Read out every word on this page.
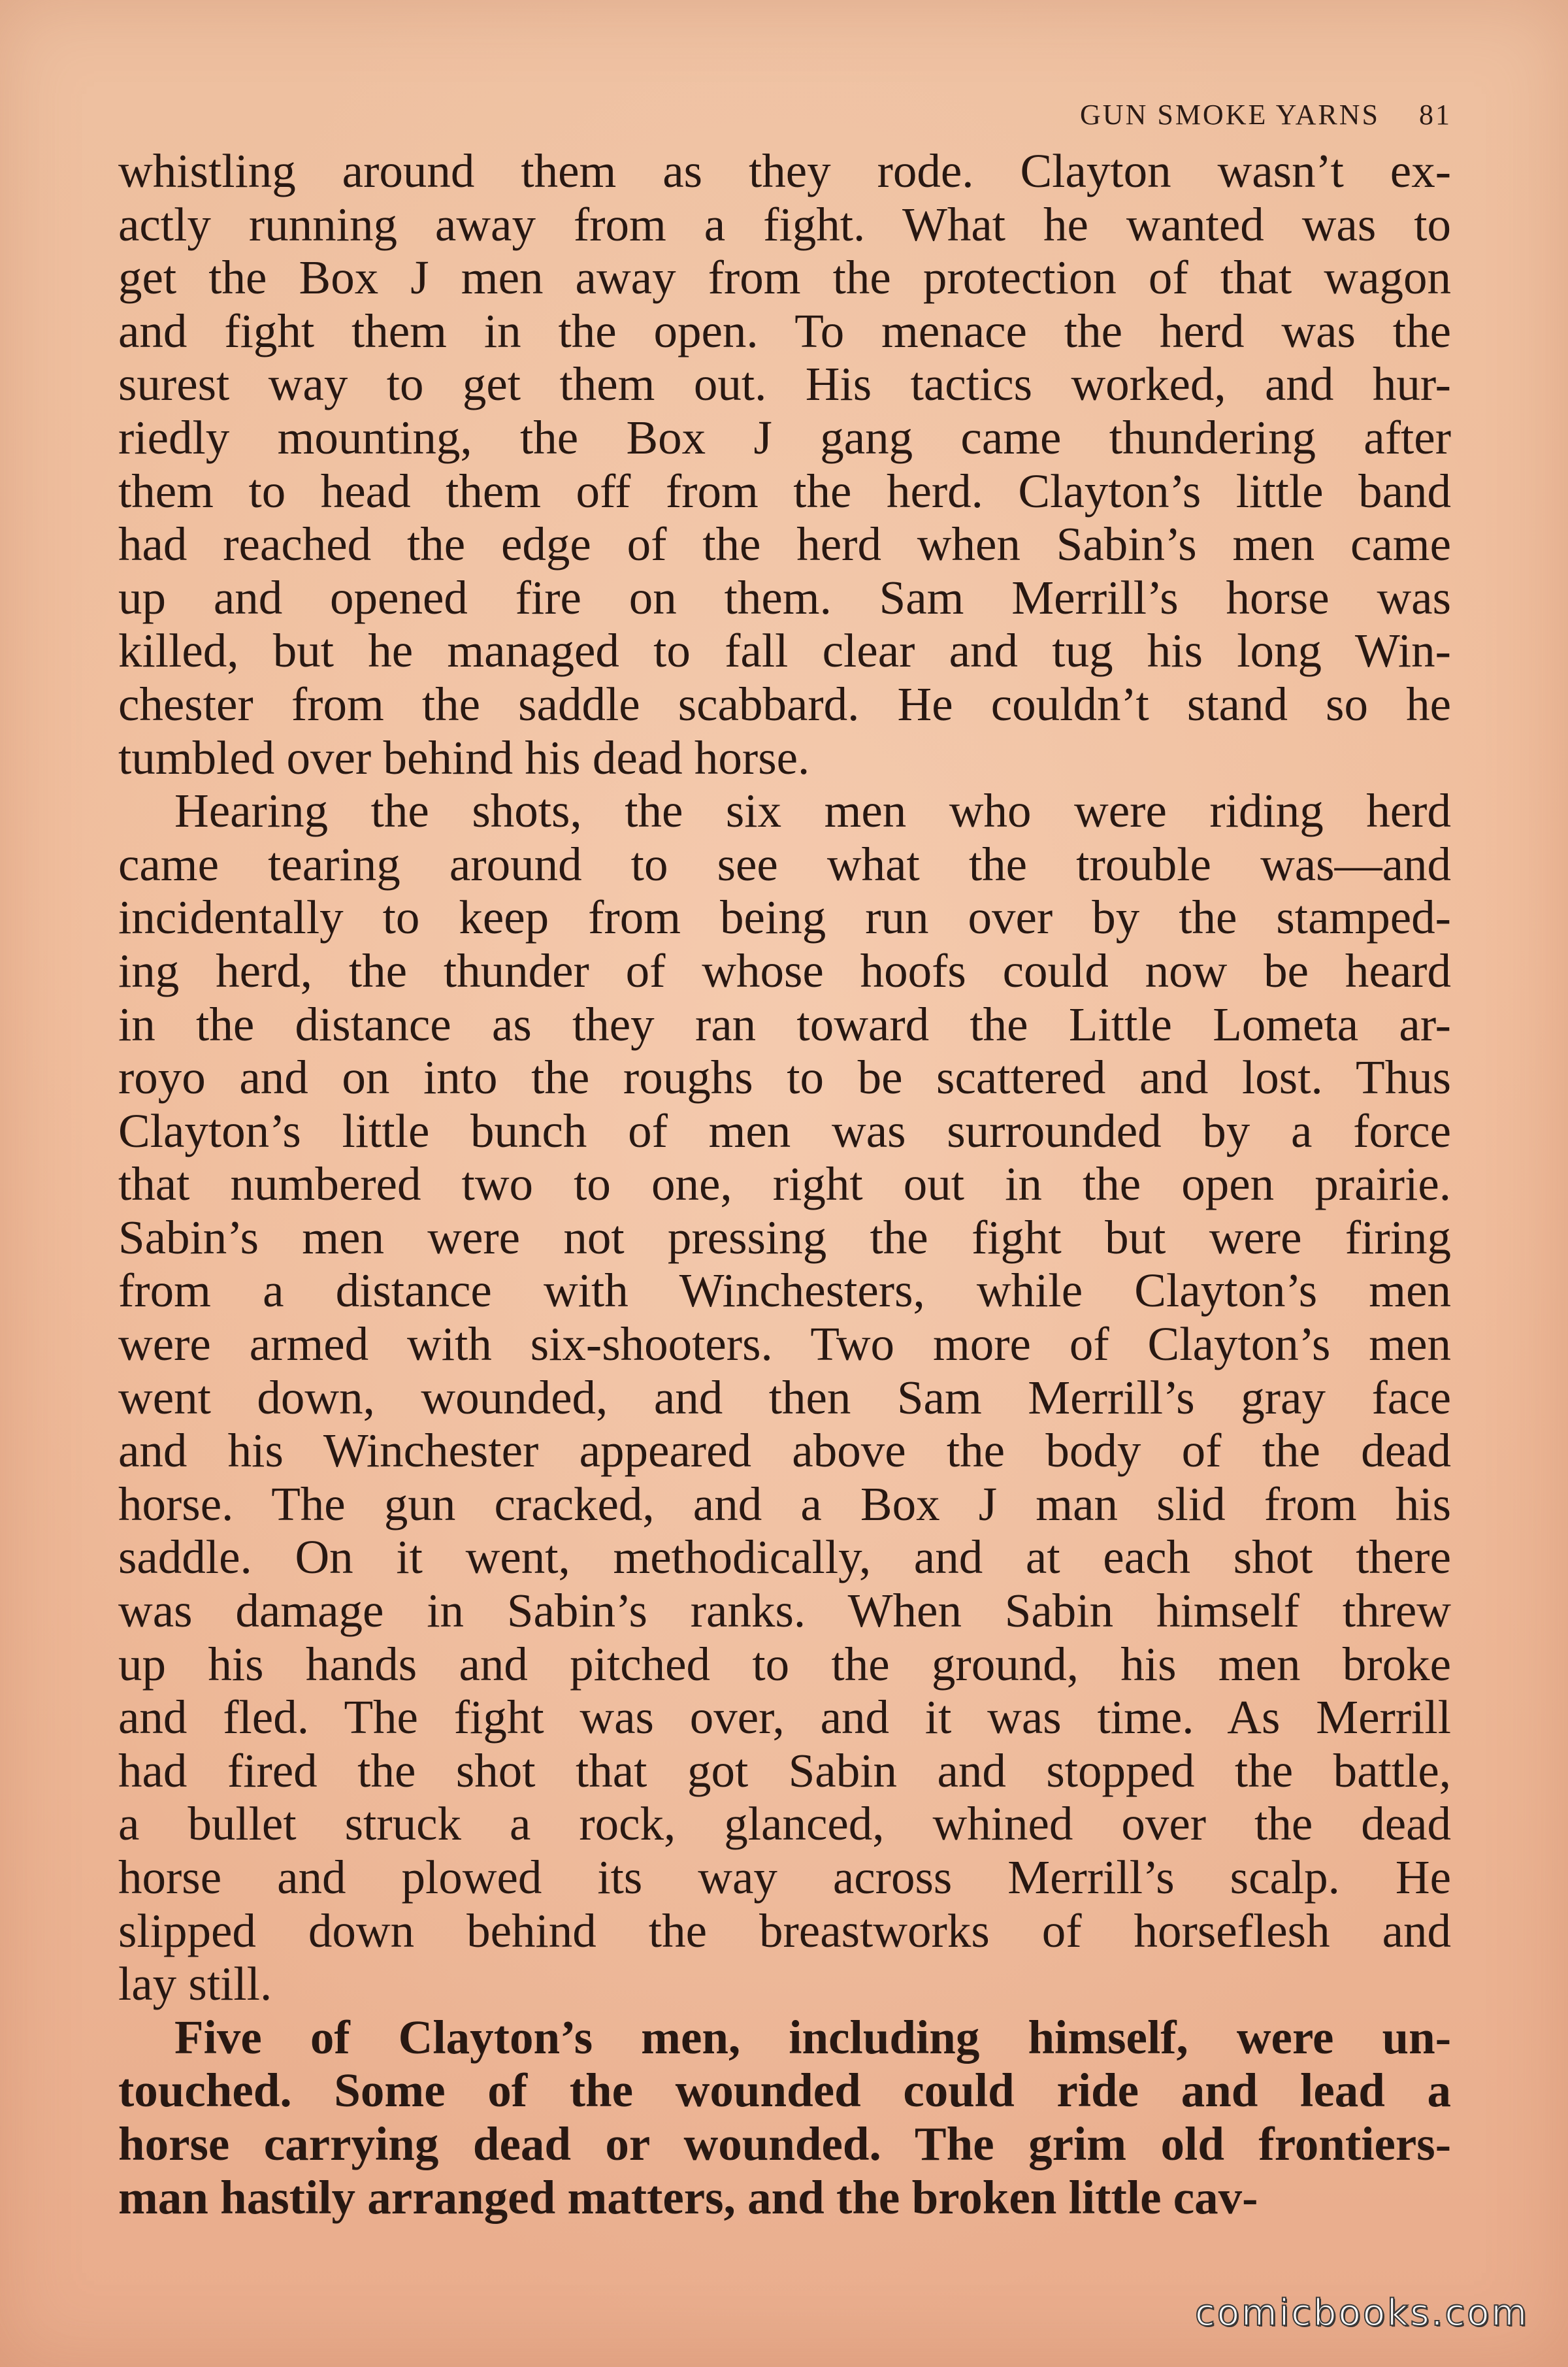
GUN SMOKE YARNS 81
whistling around them as they rode. Clayton wasn’t ex-
actly running away from a fight. What he wanted was to
get the Box J men away from the protection of that wagon
and fight them in the open. To menace the herd was the
surest way to get them out. His tactics worked, and hur-
riedly mounting, the Box J gang came thundering after
them to head them off from the herd. Clayton’s little band
had reached the edge of the herd when Sabin’s men came
up and opened fire on them. Sam Merrill’s horse was
killed, but he managed to fall clear and tug his long Win-
chester from the saddle scabbard. He couldn’t stand so he
tumbled over behind his dead horse.
Hearing the shots, the six men who were riding herd
came tearing around to see what the trouble was—and
incidentally to keep from being run over by the stamped-
ing herd, the thunder of whose hoofs could now be heard
in the distance as they ran toward the Little Lometa ar-
royo and on into the roughs to be scattered and lost. Thus
Clayton’s little bunch of men was surrounded by a force
that numbered two to one, right out in the open prairie.
Sabin’s men were not pressing the fight but were firing
from a distance with Winchesters, while Clayton’s men
were armed with six-shooters. Two more of Clayton’s men
went down, wounded, and then Sam Merrill’s gray face
and his Winchester appeared above the body of the dead
horse. The gun cracked, and a Box J man slid from his
saddle. On it went, methodically, and at each shot there
was damage in Sabin’s ranks. When Sabin himself threw
up his hands and pitched to the ground, his men broke
and fled. The fight was over, and it was time. As Merrill
had fired the shot that got Sabin and stopped the battle,
a bullet struck a rock, glanced, whined over the dead
horse and plowed its way across Merrill’s scalp. He
slipped down behind the breastworks of horseflesh and
lay still.
Five of Clayton’s men, including himself, were un-
touched. Some of the wounded could ride and lead a
horse carrying dead or wounded. The grim old frontiers-
man hastily arranged matters, and the broken little cav-
comicbooks.com
